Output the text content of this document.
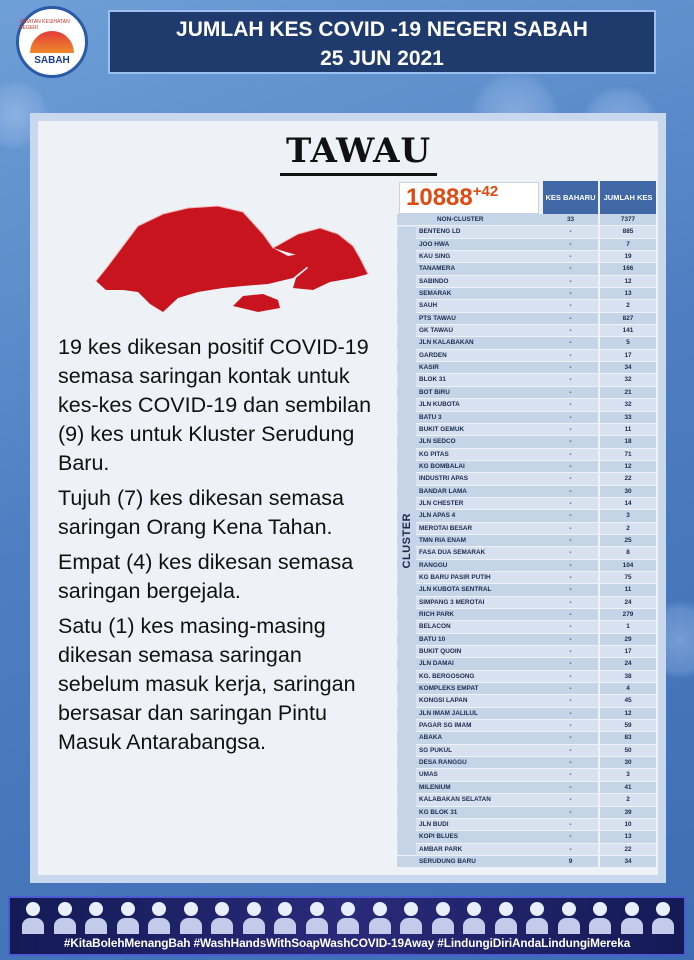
JABATAN KESIHATAN NEGERI
SABAH
JUMLAH KES COVID -19 NEGERI SABAH
25 JUN 2021
TAWAU

19 kes dikesan positif COVID-19 semasa saringan kontak untuk kes-kes COVID-19 dan sembilan (9) kes untuk Kluster Serudung Baru.

Tujuh (7) kes dikesan semasa saringan Orang Kena Tahan.

Empat (4) kes dikesan semasa saringan bergejala.

Satu (1) kes masing-masing dikesan semasa saringan sebelum masuk kerja, saringan bersasar dan saringan Pintu Masuk Antarabangsa.

$10888^{+42}$	KES BAHARU	JUMLAH KES
NON-CLUSTER	33	7377
BENTENG LD	-	885
JOO HWA	-	7
KAU SING	-	19
TANAMERA	-	166
SABINDO	-	12
SEMARAK	-	13
SAUH	-	2
PTS TAWAU	-	827
GK TAWAU	-	141
JLN KALABAKAN	-	5
GARDEN	-	17
KASIR	-	34
BLOK 31	-	32
BOT BIRU	-	21
JLN KUBOTA	-	32
BATU 3	-	33
BUKIT GEMUK	-	11
JLN SEDCO	-	18
KG PITAS	-	71
KG BOMBALAI	-	12
INDUSTRI APAS	-	22
BANDAR LAMA	-	30
JLN CHESTER	-	14
JLN APAS 4	-	3
MEROTAI BESAR	-	2
TMN RIA ENAM	-	25
FASA DUA SEMARAK	-	8
RANGGU	-	104
KG BARU PASIR PUTIH	-	75
JLN KUBOTA SENTRAL	-	11
SIMPANG 3 MEROTAI	-	24
RICH PARK	-	279
BELACON	-	1
BATU 10	-	29
BUKIT QUOIN	-	17
JLN DAMAI	-	24
KG. BERGOSONG	-	38
KOMPLEKS EMPAT	-	4
KONGSI LAPAN	-	45
JLN IMAM JALILUL	-	12
PAGAR SG IMAM	-	59
ABAKA	-	83
SG PUKUL	-	50
DESA RANGGU	-	30
UMAS	-	3
MILENIUM	-	41
KALABAKAN SELATAN	-	2
KG BLOK 31	-	39
JLN BUDI	-	10
KOPI BLUES	-	13
AMBAR PARK	-	22
SERUDUNG BARU	9	34
CLUSTER
#KitaBolehMenangBah #WashHandsWithSoapWashCOVID-19Away #LindungiDiriAndaLindungiMereka
